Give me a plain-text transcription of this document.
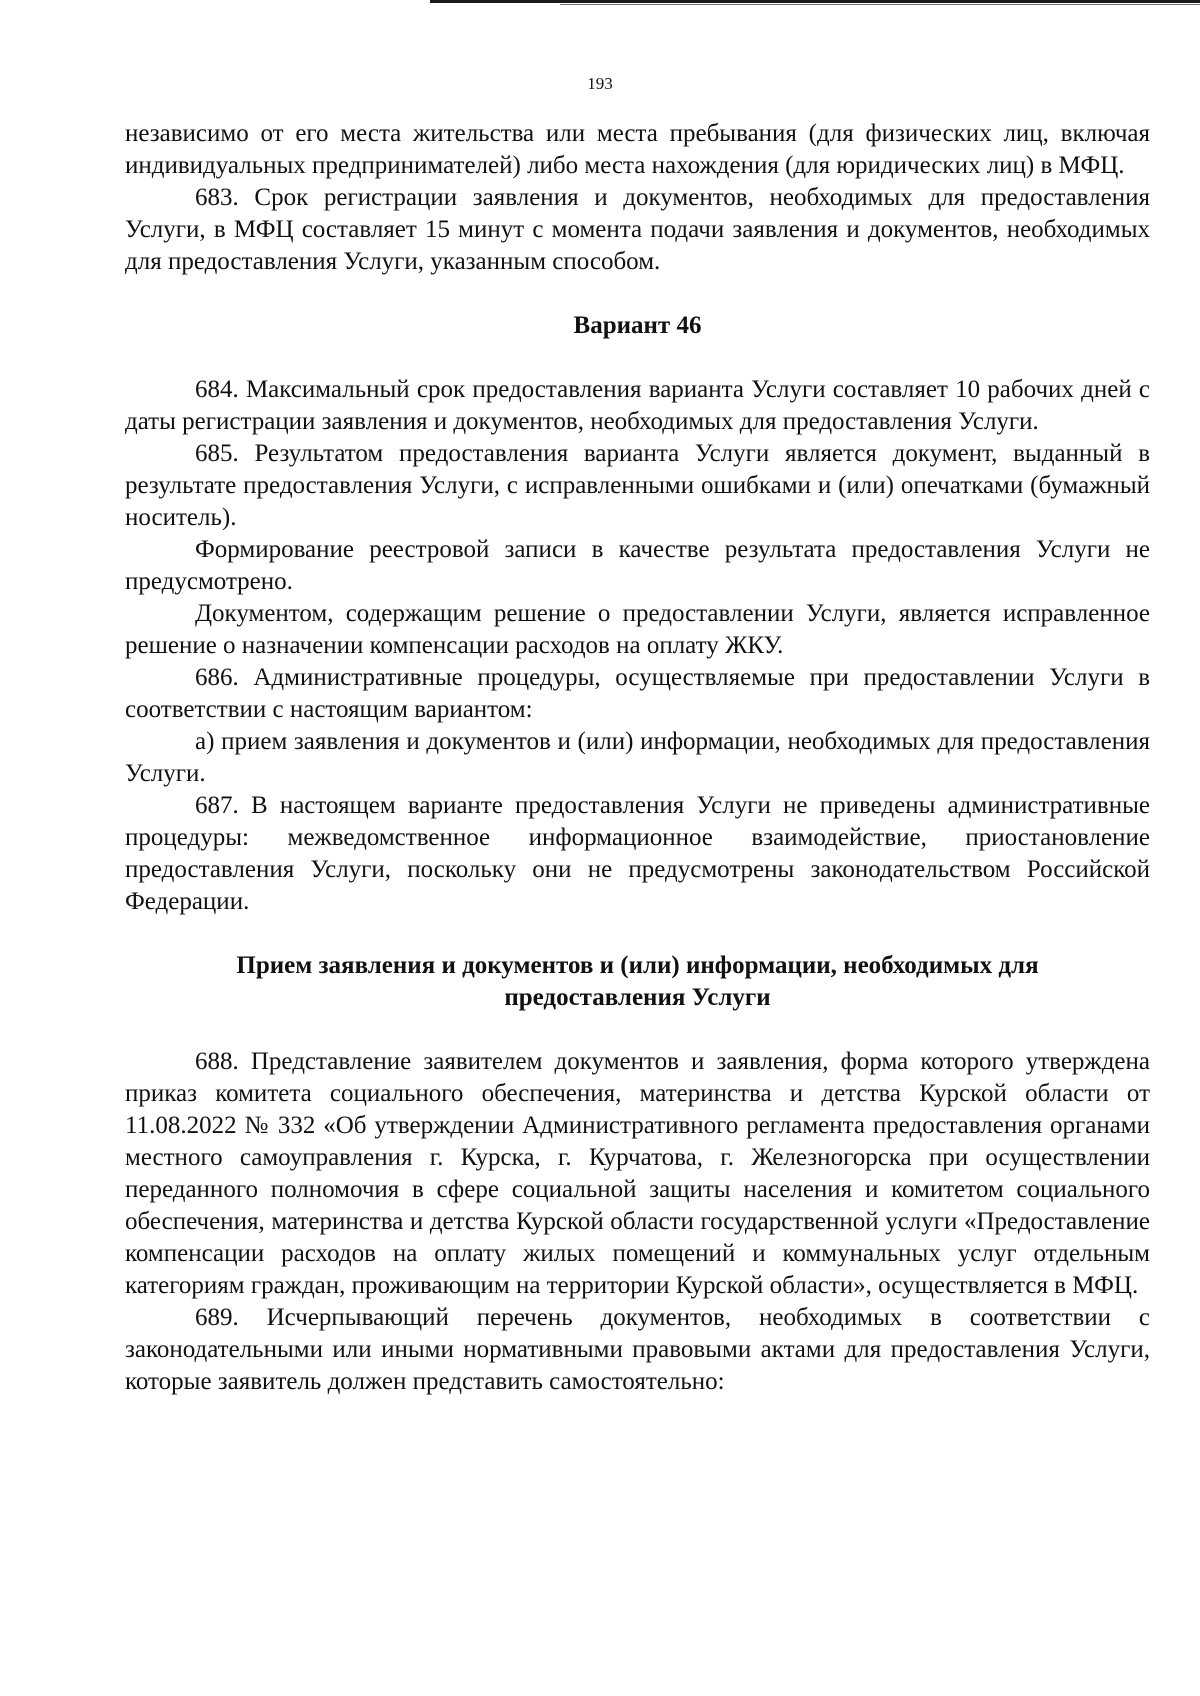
193

независимо от его места жительства или места пребывания (для физических лиц, включая индивидуальных предпринимателей) либо места нахождения (для юридических лиц) в МФЦ.

683. Срок регистрации заявления и документов, необходимых для предоставления Услуги, в МФЦ составляет 15 минут с момента подачи заявления и документов, необходимых для предоставления Услуги, указанным способом.

Вариант 46

684. Максимальный срок предоставления варианта Услуги составляет 10 рабочих дней с даты регистрации заявления и документов, необходимых для предоставления Услуги.

685. Результатом предоставления варианта Услуги является документ, выданный в результате предоставления Услуги, с исправленными ошибками и (или) опечатками (бумажный носитель).

Формирование реестровой записи в качестве результата предоставления Услуги не предусмотрено.

Документом, содержащим решение о предоставлении Услуги, является исправленное решение о назначении компенсации расходов на оплату ЖКУ.

686. Административные процедуры, осуществляемые при предоставлении Услуги в соответствии с настоящим вариантом:

а) прием заявления и документов и (или) информации, необходимых для предоставления Услуги.

687. В настоящем варианте предоставления Услуги не приведены административные процедуры: межведомственное информационное взаимодействие, приостановление предоставления Услуги, поскольку они не предусмотрены законодательством Российской Федерации.

Прием заявления и документов и (или) информации, необходимых для предоставления Услуги

688. Представление заявителем документов и заявления, форма которого утверждена приказ комитета социального обеспечения, материнства и детства Курской области от 11.08.2022 № 332 «Об утверждении Административного регламента предоставления органами местного самоуправления г. Курска, г. Курчатова, г. Железногорска при осуществлении переданного полномочия в сфере социальной защиты населения и комитетом социального обеспечения, материнства и детства Курской области государственной услуги «Предоставление компенсации расходов на оплату жилых помещений и коммунальных услуг отдельным категориям граждан, проживающим на территории Курской области», осуществляется в МФЦ.

689. Исчерпывающий перечень документов, необходимых в соответствии с законодательными или иными нормативными правовыми актами для предоставления Услуги, которые заявитель должен представить самостоятельно:
